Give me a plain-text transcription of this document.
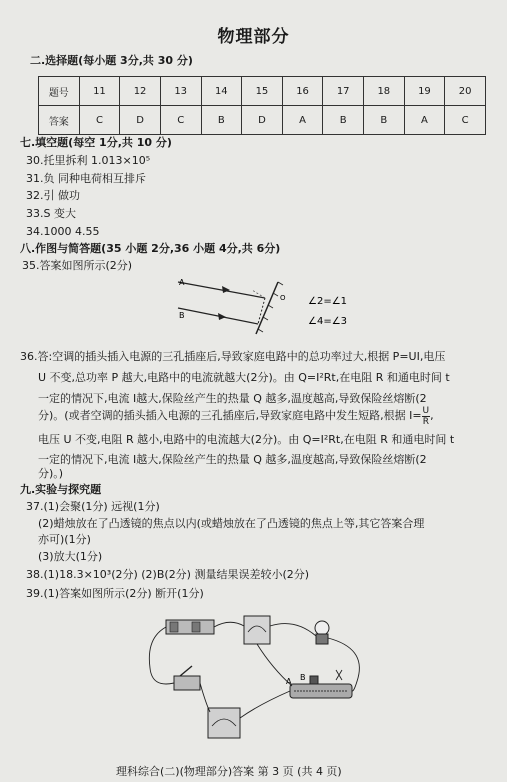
物理部分
二.选择题(每小题 3分,共 30 分)
题号	11	12	13	14	15	16	17	18	19	20
答案	C	D	C	B	D	A	B	B	A	C
七.填空题(每空 1分,共 10 分)
30.托里拆利 1.013×10⁵
31.负 同种电荷相互排斥
32.引 做功
33.S 变大
34.1000 4.55
八.作图与简答题(35 小题 2分,36 小题 4分,共 6分)
35.答案如图所示(2分)
A
B
O ∠2=∠1
∠4=∠3
36.答:空调的插头插入电源的三孔插座后,导致家庭电路中的总功率过大,根据 P=UI,电压
U 不变,总功率 P 越大,电路中的电流就越大(2分)。由 Q=I²Rt,在电阻 R 和通电时间 t
一定的情况下,电流 I越大,保险丝产生的热量 Q 越多,温度越高,导致保险丝熔断(2
分)。(或者空调的插头插入电源的三孔插座后,导致家庭电路中发生短路,根据 $I= \frac{U}{R}$ ,
电压 U 不变,电阻 R 越小,电路中的电流越大(2分)。由 Q=I²Rt,在电阻 R 和通电时间 t
一定的情况下,电流 I越大,保险丝产生的热量 Q 越多,温度越高,导致保险丝熔断(2
分)。)
九.实验与探究题
37.(1)会聚(1分) 远视(1分)
(2)蜡烛放在了凸透镜的焦点以内(或蜡烛放在了凸透镜的焦点上等,其它答案合理
亦可)(1分)
(3)放大(1分)
38.(1)18.3×10³(2分) (2)B(2分) 测量结果误差较小(2分)
39.(1)答案如图所示(2分) 断开(1分)
A B
理科综合(二)(物理部分)答案 第 3 页 (共 4 页)
